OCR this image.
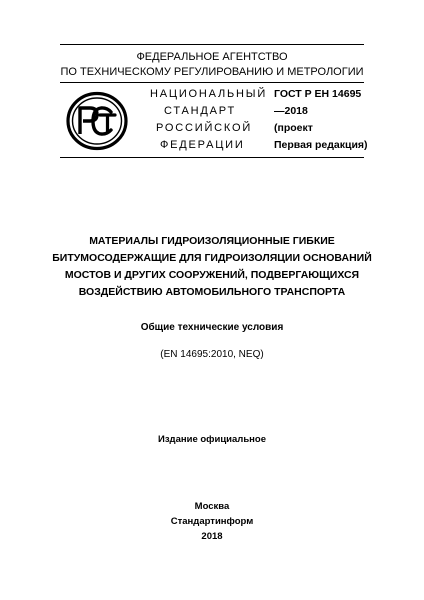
ФЕДЕРАЛЬНОЕ АГЕНТСТВО
ПО ТЕХНИЧЕСКОМУ РЕГУЛИРОВАНИЮ И МЕТРОЛОГИИ
НАЦИОНАЛЬНЫЙ
СТАНДАРТ
РОССИЙСКОЙ
ФЕДЕРАЦИИ
ГОСТ Р ЕН 14695
—2018
(проект
Первая редакция)
МАТЕРИАЛЫ ГИДРОИЗОЛЯЦИОННЫЕ ГИБКИЕ
БИТУМОСОДЕРЖАЩИЕ ДЛЯ ГИДРОИЗОЛЯЦИИ ОСНОВАНИЙ
МОСТОВ И ДРУГИХ СООРУЖЕНИЙ, ПОДВЕРГАЮЩИХСЯ
ВОЗДЕЙСТВИЮ АВТОМОБИЛЬНОГО ТРАНСПОРТА
Общие технические условия
(EN 14695:2010, NEQ)
Издание официальное
Москва
Стандартинформ
2018
